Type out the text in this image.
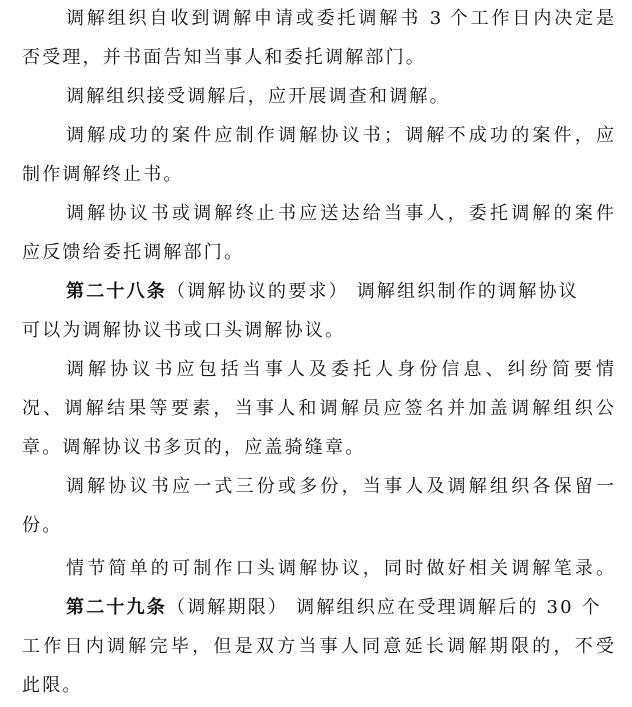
调解组织自收到调解申请或委托调解书 3 个工作日内决定是
否受理，并书面告知当事人和委托调解部门。
调解组织接受调解后，应开展调查和调解。
调解成功的案件应制作调解协议书；调解不成功的案件，应
制作调解终止书。
调解协议书或调解终止书应送达给当事人，委托调解的案件
应反馈给委托调解部门。
第二十八条（调解协议的要求） 调解组织制作的调解协议
可以为调解协议书或口头调解协议。
调解协议书应包括当事人及委托人身份信息、纠纷简要情
况、调解结果等要素，当事人和调解员应签名并加盖调解组织公
章。调解协议书多页的，应盖骑缝章。
调解协议书应一式三份或多份，当事人及调解组织各保留一
份。
情节简单的可制作口头调解协议，同时做好相关调解笔录。
第二十九条（调解期限） 调解组织应在受理调解后的 30 个
工作日内调解完毕，但是双方当事人同意延长调解期限的，不受
此限。
